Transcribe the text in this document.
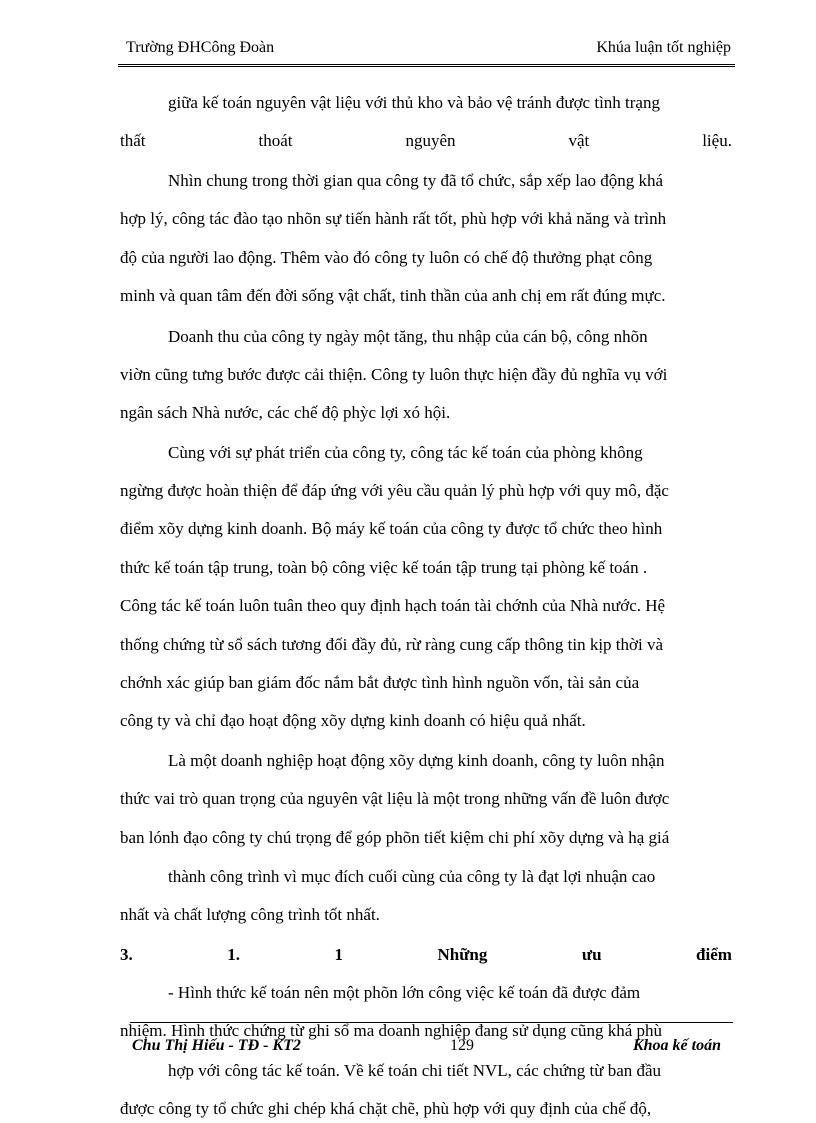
Trường ĐHCông Đoàn	Khúa luận tốt nghiệp
giữa kế toán nguyên vật liệu với thủ kho và bảo vệ tránh được tình trạng
thất	thoát	nguyên	vật	liệu.
Nhìn chung trong thời gian qua công ty đã tổ chức, sắp xếp lao động khá
hợp lý, công tác đào tạo nhõn sự tiến hành rất tốt, phù hợp với khả năng và trình
độ của người lao động. Thêm vào đó công ty luôn có chế độ thưởng phạt công
minh và quan tâm đến đời sống vật chất, tinh thần của anh chị em rất đúng mực.
Doanh thu của công ty ngày một tăng, thu nhập của cán bộ, công nhõn
viờn cũng tưng bước được cải thiện. Công ty luôn thực hiện đầy đủ nghĩa vụ với
ngân sách Nhà nước, các chế độ phỳc lợi xó hội.
Cùng với sự phát triển của công ty, công tác kế toán của phòng không
ngừng được hoàn thiện để đáp ứng với yêu cầu quản lý phù hợp với quy mô, đặc
điểm xõy dựng kinh doanh. Bộ máy kế toán của công ty được tổ chức theo hình
thức kế toán tập trung, toàn bộ công việc kế toán tập trung tại phòng kế toán .
Công tác kế toán luôn tuân theo quy định hạch toán tài chớnh của Nhà nước. Hệ
thống chứng từ sổ sách tương đối đầy đủ, rừ ràng cung cấp thông tin kịp thời và
chớnh xác giúp ban giám đốc nắm bắt được tình hình nguồn vốn, tài sản của
công ty và chỉ đạo hoạt động xõy dựng kinh doanh có hiệu quả nhất.
Là một doanh nghiệp hoạt động xõy dựng kinh doanh, công ty luôn nhận
thức vai trò quan trọng của nguyên vật liệu là một trong những vấn đề luôn được
ban lónh đạo công ty chú trọng để góp phõn tiết kiệm chi phí xõy dựng và hạ giá
thành công trình vì mục đích cuối cùng của công ty là đạt lợi nhuận cao
nhất và chất lượng công trình tốt nhất.
3.	1.	1	Những	ưu	điểm
- Hình thức kế toán nên một phõn lớn công việc kế toán đã được đảm
nhiệm. Hình thức chứng từ ghi sổ ma doanh nghiệp đang sử dụng cũng khá phù
hợp với công tác kế toán. Về kế toán chi tiết NVL, các chứng từ ban đầu
được công ty tổ chức ghi chép khá chặt chẽ, phù hợp với quy định của chế độ,
Chu Thị Hiếu - TĐ - KT2	129	Khoa kế toán
